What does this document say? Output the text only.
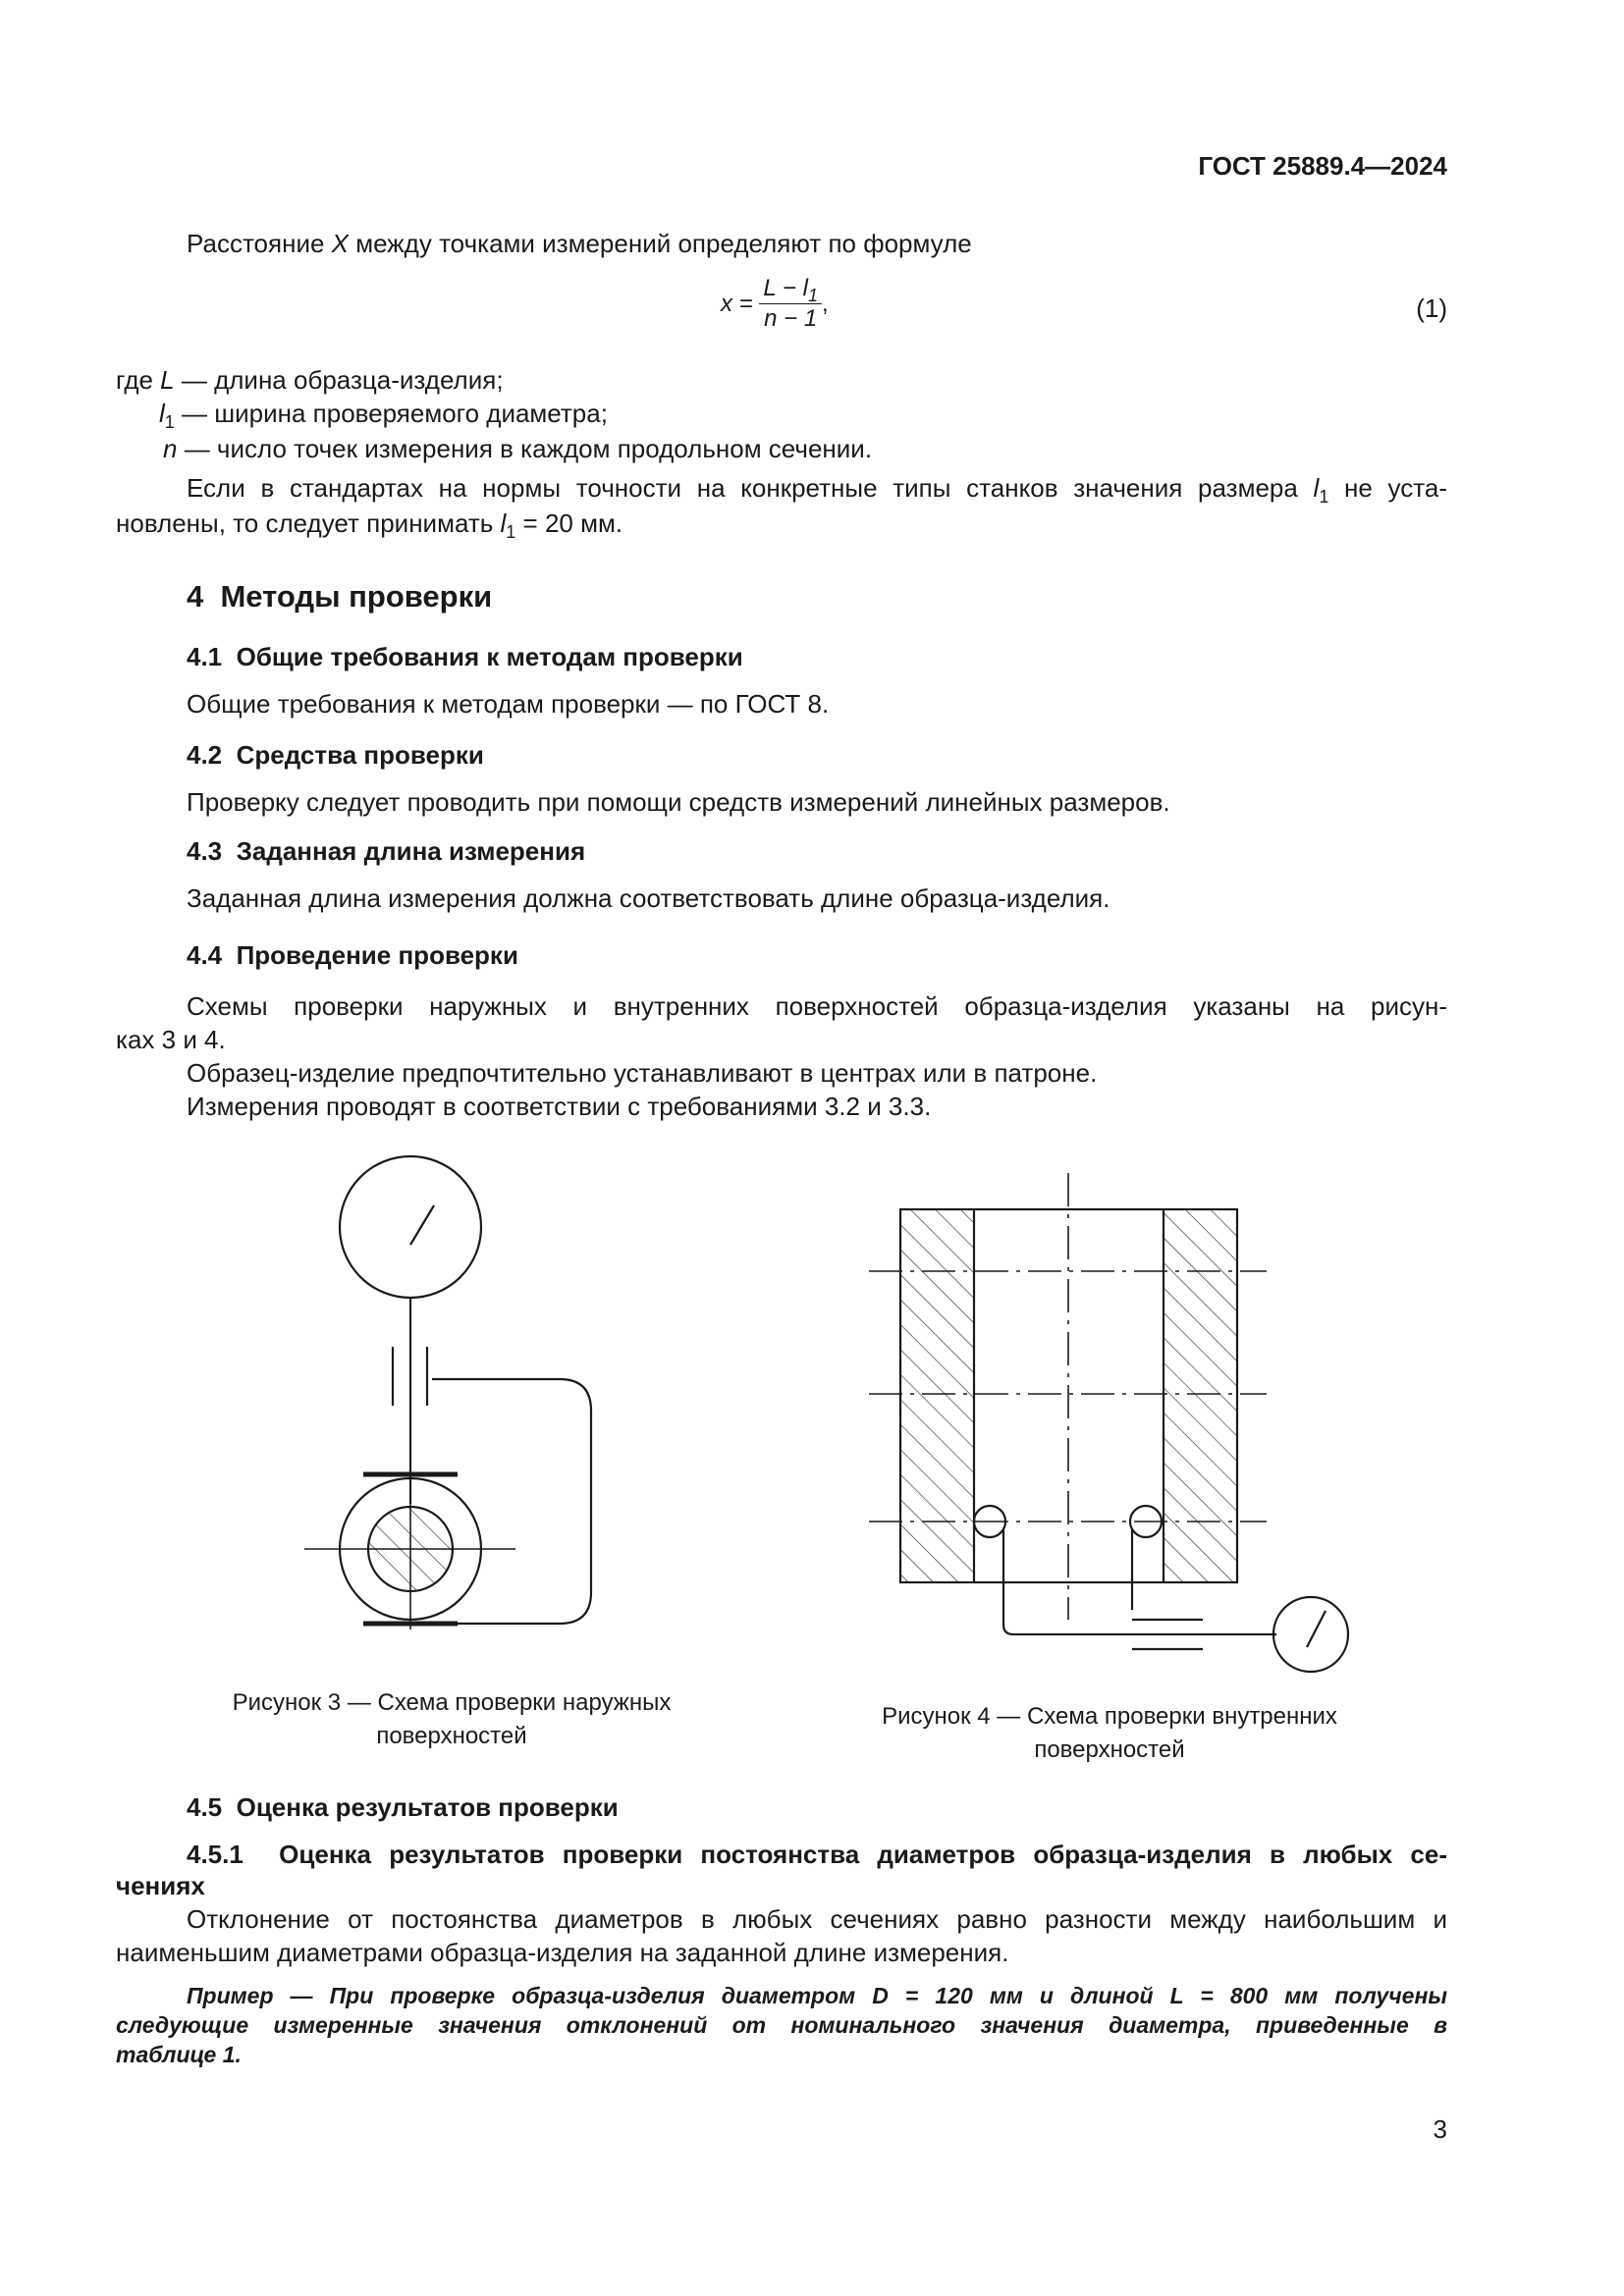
ГОСТ 25889.4—2024
Расстояние X между точками измерений определяют по формуле
$x = \frac{L - l_1}{n - 1}$ ,	(1)
где L — длина образца-изделия;
$l_1$ — ширина проверяемого диаметра;
n — число точек измерения в каждом продольном сечении.
Если в стандартах на нормы точности на конкретные типы станков значения размера $l_1$ не уста-
новлены, то следует принимать $l_1 = 20$ мм.
4  Методы проверки
4.1  Общие требования к методам проверки
Общие требования к методам проверки — по ГОСТ 8.
4.2  Средства проверки
Проверку следует проводить при помощи средств измерений линейных размеров.
4.3  Заданная длина измерения
Заданная длина измерения должна соответствовать длине образца-изделия.
4.4  Проведение проверки
Схемы проверки наружных и внутренних поверхностей образца-изделия указаны на рисун-
ках 3 и 4.
Образец-изделие предпочтительно устанавливают в центрах или в патроне.
Измерения проводят в соответствии с требованиями 3.2 и 3.3.
Рисунок 3 — Схема проверки наружных
поверхностей
Рисунок 4 — Схема проверки внутренних
поверхностей
4.5  Оценка результатов проверки
4.5.1  Оценка результатов проверки постоянства диаметров образца-изделия в любых се-
чениях
Отклонение от постоянства диаметров в любых сечениях равно разности между наибольшим и
наименьшим диаметрами образца-изделия на заданной длине измерения.
Пример — При проверке образца-изделия диаметром D = 120 мм и длиной L = 800 мм получены
следующие измеренные значения отклонений от номинального значения диаметра, приведенные в
таблице 1.
3
